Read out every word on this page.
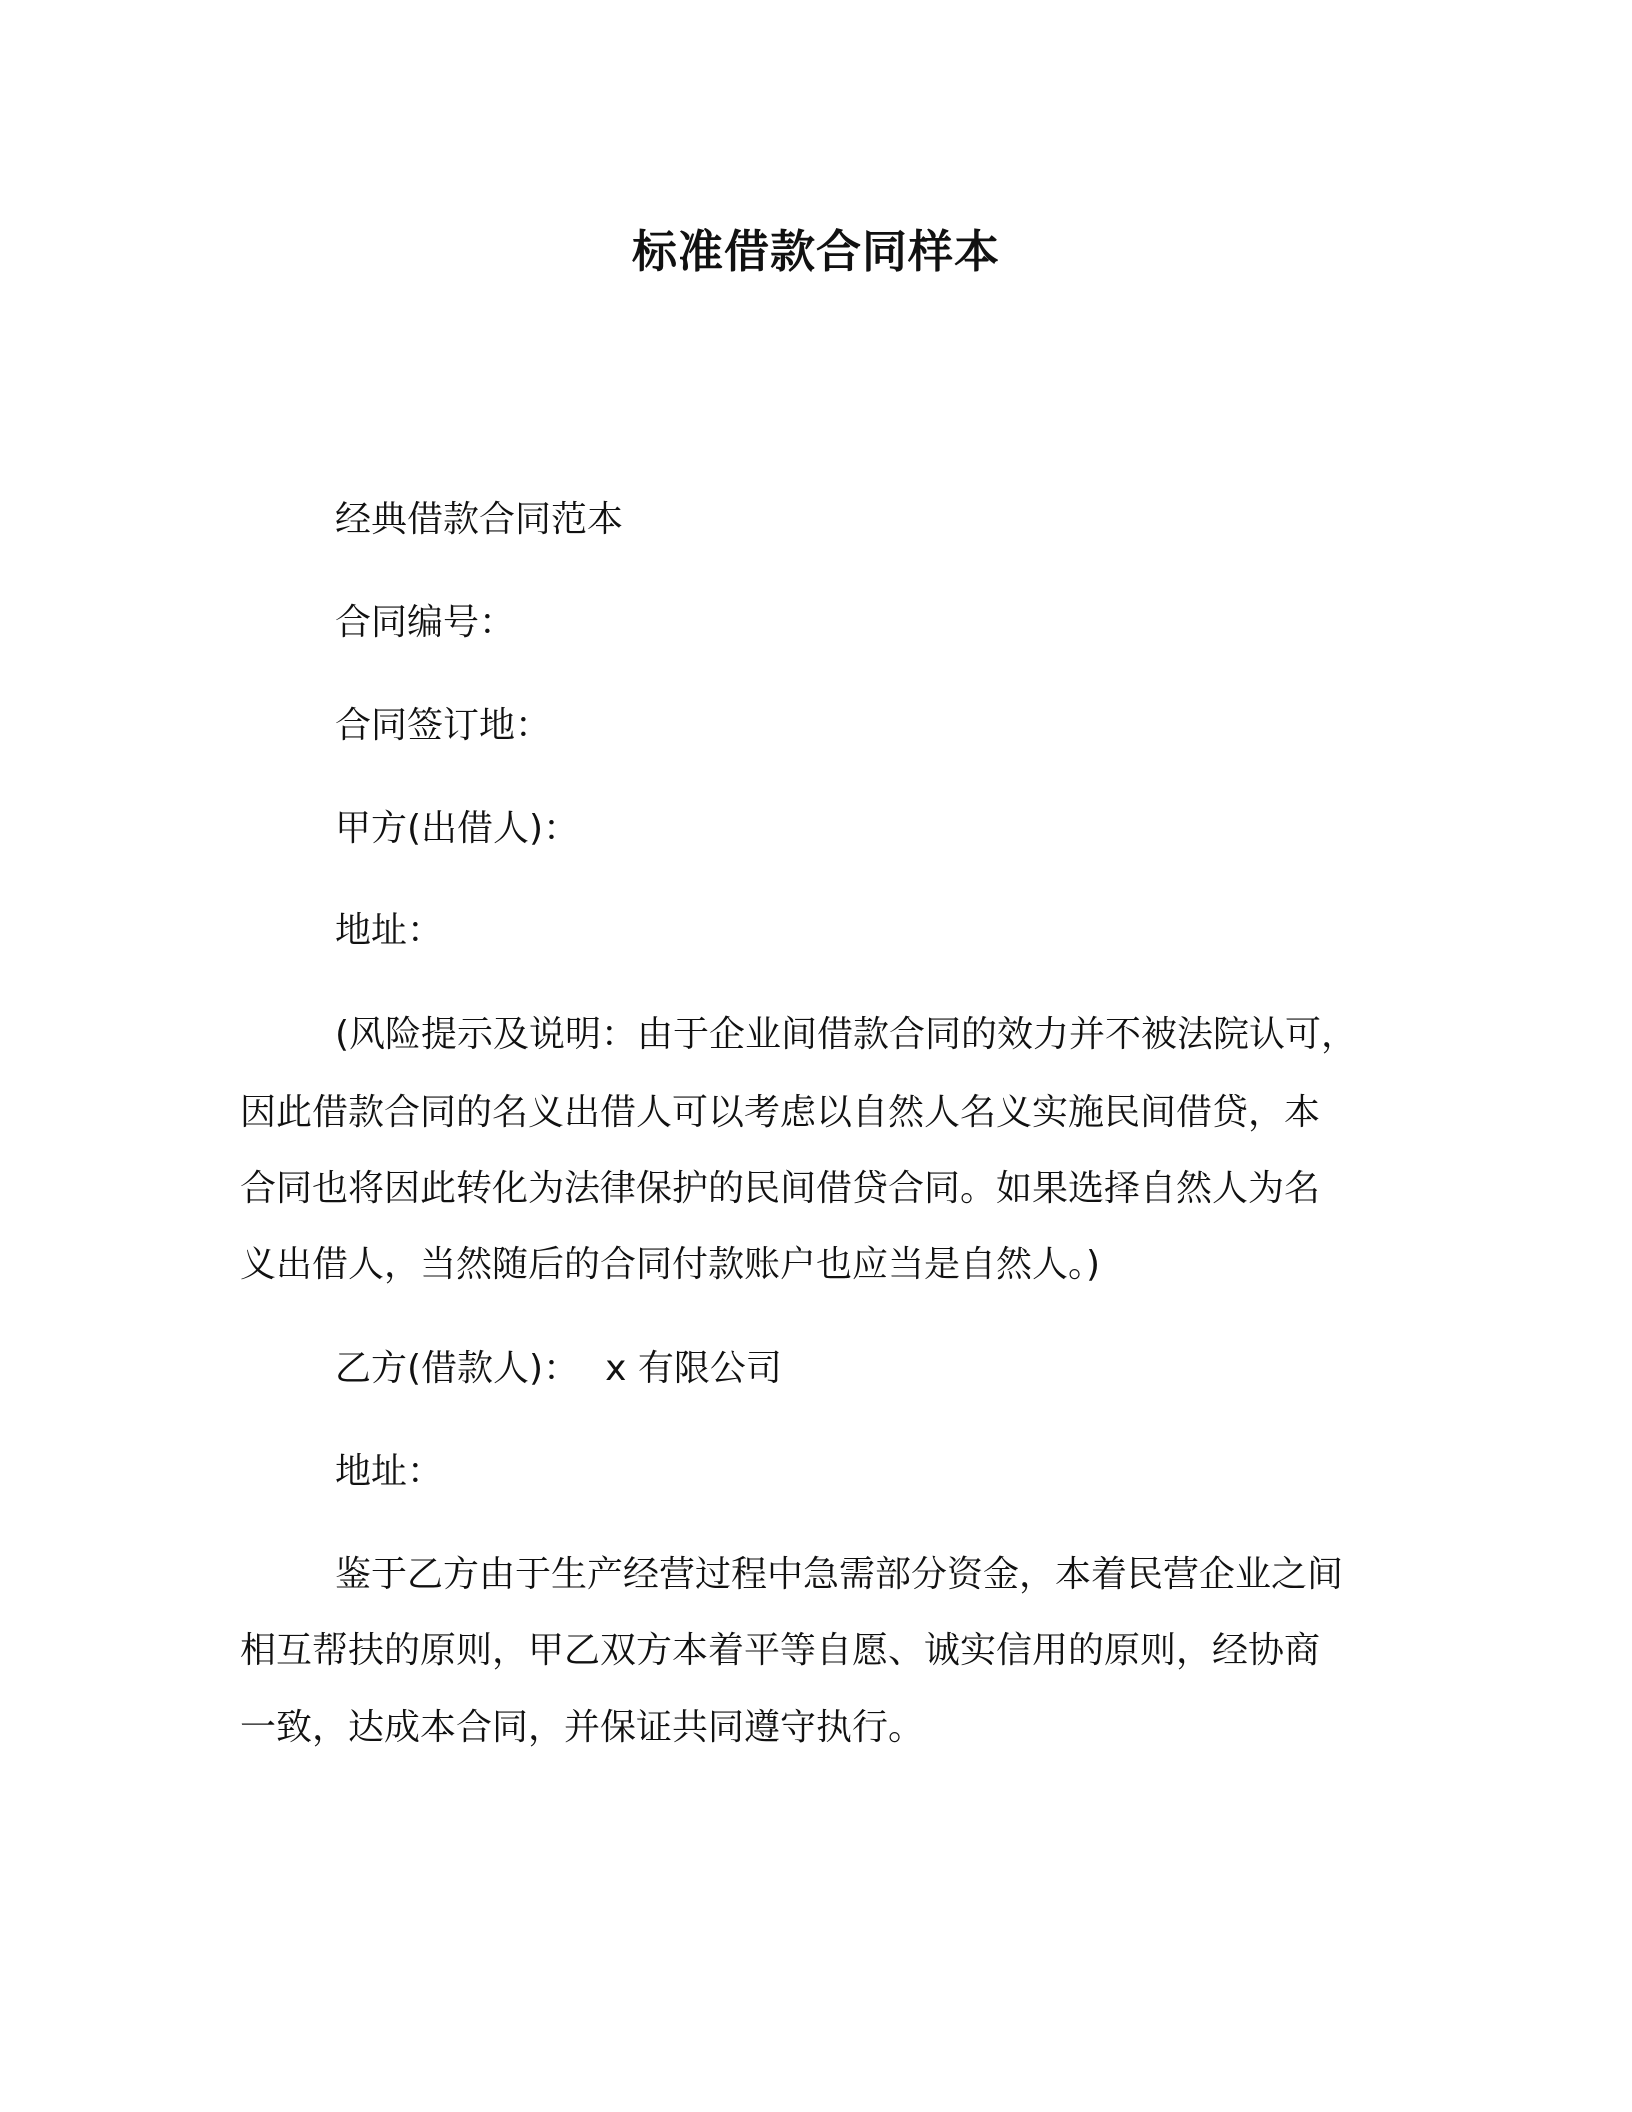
标准借款合同样本
经典借款合同范本
合同编号：
合同签订地：
甲方(出借人)：
地址：
(风险提示及说明：由于企业间借款合同的效力并不被法院认可，
因此借款合同的名义出借人可以考虑以自然人名义实施民间借贷，本
合同也将因此转化为法律保护的民间借贷合同。如果选择自然人为名
义出借人，当然随后的合同付款账户也应当是自然人。)
乙方(借款人)： x 有限公司
地址：
鉴于乙方由于生产经营过程中急需部分资金，本着民营企业之间
相互帮扶的原则，甲乙双方本着平等自愿、诚实信用的原则，经协商
一致，达成本合同，并保证共同遵守执行。
